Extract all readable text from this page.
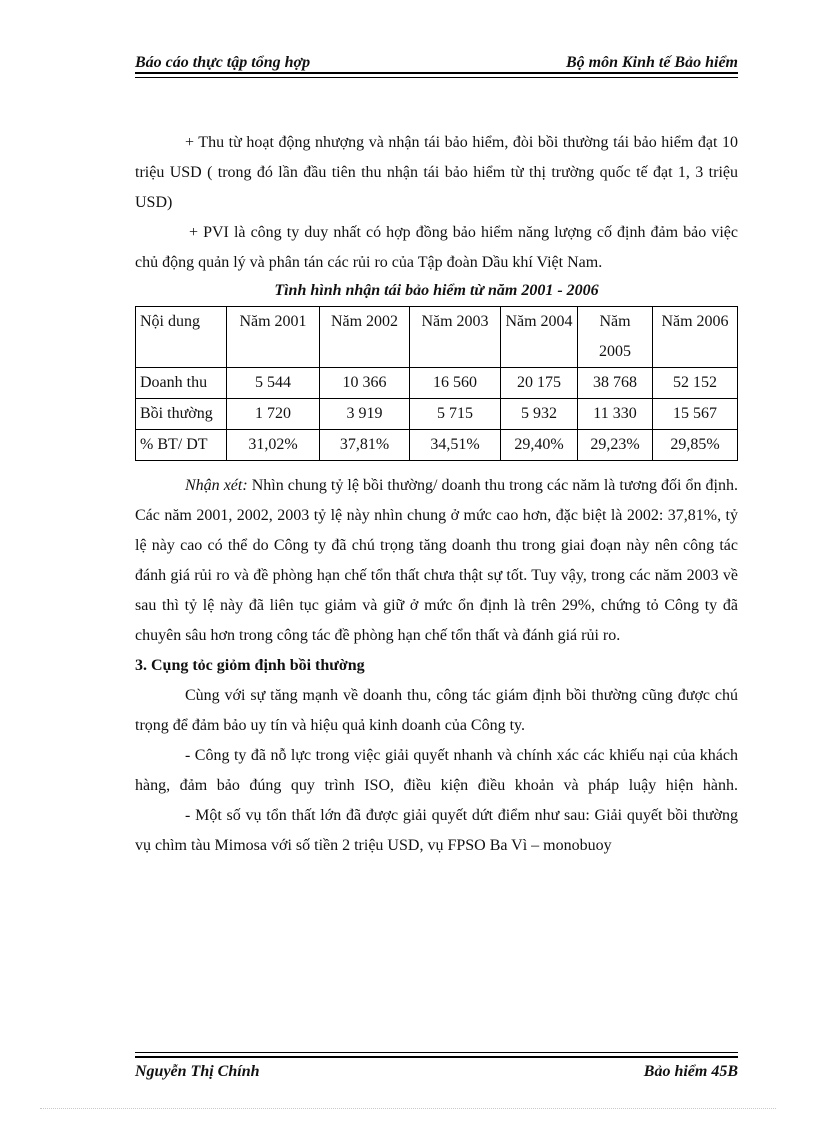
Báo cáo thực tập tổng hợp	Bộ môn Kinh tế Bảo hiểm

+ Thu từ hoạt động nhượng và nhận tái bảo hiểm, đòi bồi thường tái bảo hiểm đạt 10 triệu USD ( trong đó lần đầu tiên thu nhận tái bảo hiểm từ thị trường quốc tế đạt 1, 3 triệu USD)

+ PVI là công ty duy nhất có hợp đồng bảo hiểm năng lượng cố định đảm bảo việc chủ động quản lý và phân tán các rủi ro của Tập đoàn Dầu khí Việt Nam.

Tình hình nhận tái bảo hiểm từ năm 2001 - 2006

Nội dung	Năm 2001	Năm 2002	Năm 2003	Năm 2004	Năm 2005	Năm 2006
Doanh thu	5 544	10 366	16 560	20 175	38 768	52 152
Bồi thường	1 720	3 919	5 715	5 932	11 330	15 567
% BT/ DT	31,02%	37,81%	34,51%	29,40%	29,23%	29,85%

Nhận xét: Nhìn chung tỷ lệ bồi thường/ doanh thu trong các năm là tương đối ổn định. Các năm 2001, 2002, 2003 tỷ lệ này nhìn chung ở mức cao hơn, đặc biệt là 2002: 37,81%, tỷ lệ này cao có thể do Công ty đã chú trọng tăng doanh thu trong giai đoạn này nên công tác đánh giá rủi ro và đề phòng hạn chế tổn thất chưa thật sự tốt. Tuy vậy, trong các năm 2003 về sau thì tỷ lệ này đã liên tục giảm và giữ ở mức ổn định là trên 29%, chứng tỏ Công ty đã chuyên sâu hơn trong công tác đề phòng hạn chế tổn thất và đánh giá rủi ro.

3. Cụng tỏc giỏm định bồi thường

Cùng với sự tăng mạnh về doanh thu, công tác giám định bồi thường cũng được chú trọng để đảm bảo uy tín và hiệu quả kinh doanh của Công ty.

- Công ty đã nỗ lực trong việc giải quyết nhanh và chính xác các khiếu nại của khách hàng, đảm bảo đúng quy trình ISO, điều kiện điều khoản và pháp luậy hiện hành.

- Một số vụ tổn thất lớn đã được giải quyết dứt điểm như sau: Giải quyết bồi thường vụ chìm tàu Mimosa với số tiền 2 triệu USD, vụ FPSO Ba Vì – monobuoy

Nguyễn Thị Chính	Bảo hiểm 45B
